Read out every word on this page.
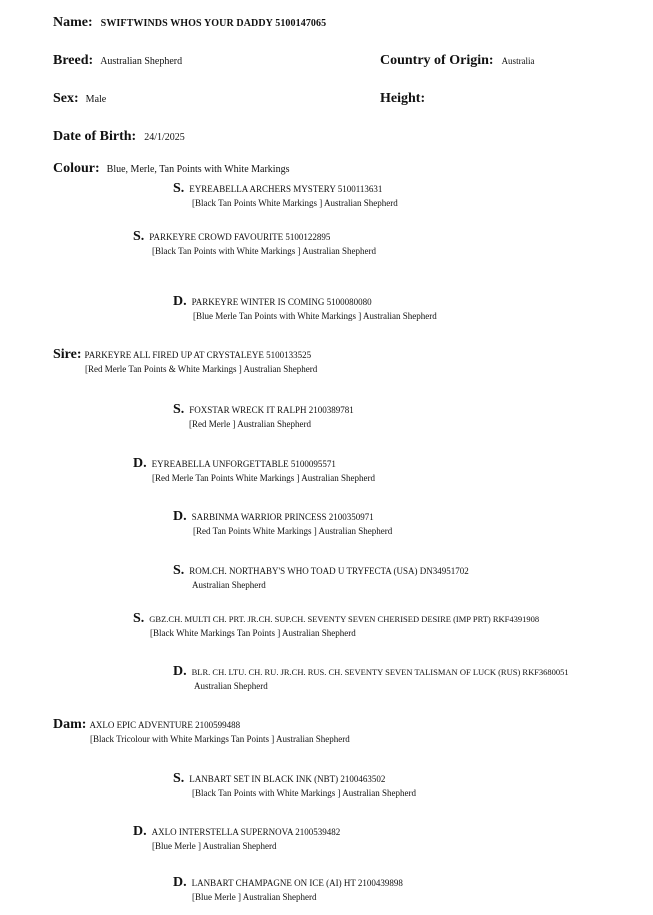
Name: SWIFTWINDS WHOS YOUR DADDY 5100147065
Breed: Australian Shepherd	Country of Origin: Australia
Sex: Male	Height:
Date of Birth: 24/1/2025
Colour: Blue, Merle, Tan Points with White Markings
S. EYREABELLA ARCHERS MYSTERY 5100113631
[Black Tan Points White Markings ] Australian Shepherd
S. PARKEYRE CROWD FAVOURITE 5100122895
[Black Tan Points with White Markings ] Australian Shepherd
D. PARKEYRE WINTER IS COMING 5100080080
[Blue Merle Tan Points with White Markings ] Australian Shepherd
Sire: PARKEYRE ALL FIRED UP AT CRYSTALEYE 5100133525
[Red Merle Tan Points & White Markings ] Australian Shepherd
S. FOXSTAR WRECK IT RALPH 2100389781
[Red Merle ] Australian Shepherd
D. EYREABELLA UNFORGETTABLE 5100095571
[Red Merle Tan Points White Markings ] Australian Shepherd
D. SARBINMA WARRIOR PRINCESS 2100350971
[Red Tan Points White Markings ] Australian Shepherd
S. ROM.CH. NORTHABY'S WHO TOAD U TRYFECTA (USA) DN34951702
Australian Shepherd
S. GBZ.CH. MULTI CH. PRT. JR.CH. SUP.CH. SEVENTY SEVEN CHERISED DESIRE (IMP PRT) RKF4391908
[Black White Markings Tan Points ] Australian Shepherd
D. BLR. CH. LTU. CH. RU. JR.CH. RUS. CH. SEVENTY SEVEN TALISMAN OF LUCK (RUS) RKF3680051
Australian Shepherd
Dam: AXLO EPIC ADVENTURE 2100599488
[Black Tricolour with White Markings Tan Points ] Australian Shepherd
S. LANBART SET IN BLACK INK (NBT) 2100463502
[Black Tan Points with White Markings ] Australian Shepherd
D. AXLO INTERSTELLA SUPERNOVA 2100539482
[Blue Merle ] Australian Shepherd
D. LANBART CHAMPAGNE ON ICE (AI) HT 2100439898
[Blue Merle ] Australian Shepherd
